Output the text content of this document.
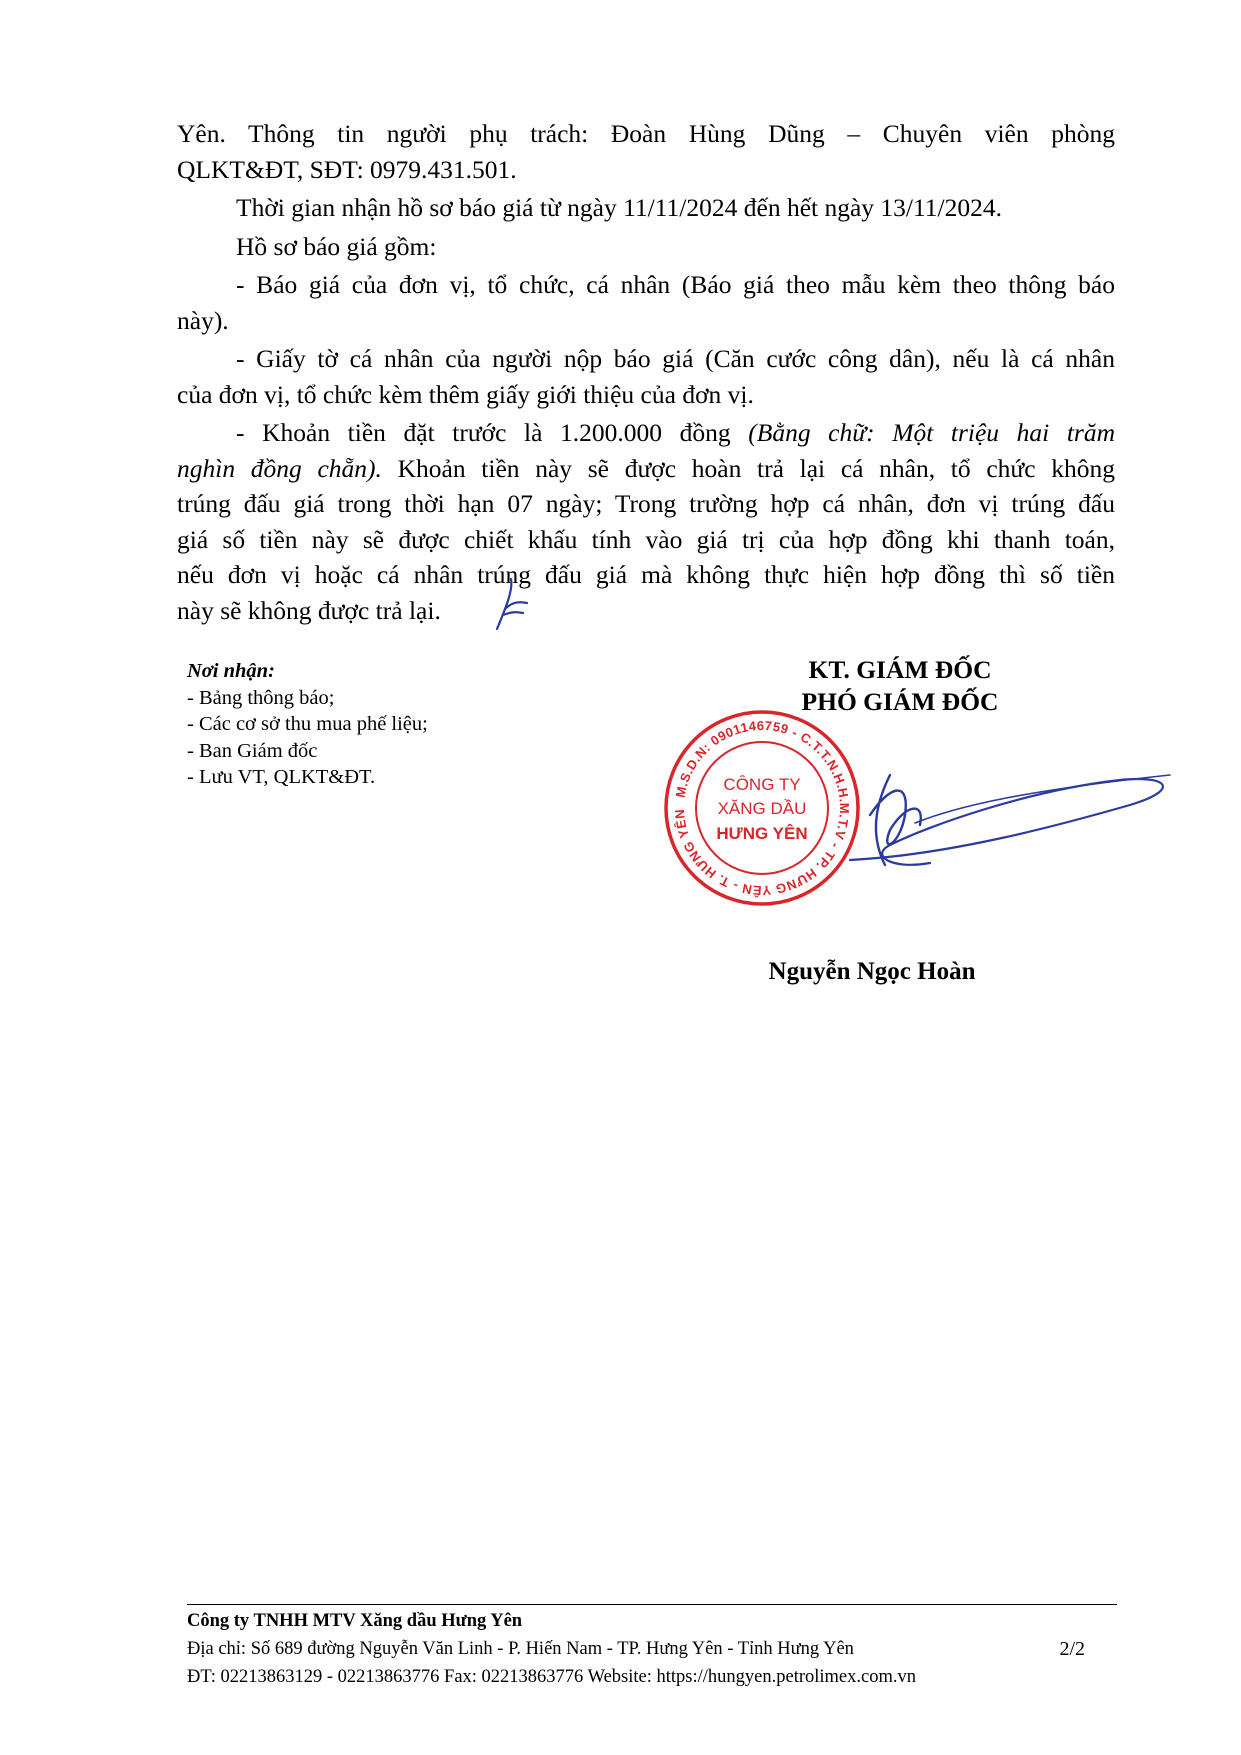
Yên. Thông tin người phụ trách: Đoàn Hùng Dũng – Chuyên viên phòng
QLKT&ĐT, SĐT: 0979.431.501.
Thời gian nhận hồ sơ báo giá từ ngày 11/11/2024 đến hết ngày 13/11/2024.
Hồ sơ báo giá gồm:
- Báo giá của đơn vị, tổ chức, cá nhân (Báo giá theo mẫu kèm theo thông báo
này).
- Giấy tờ cá nhân của người nộp báo giá (Căn cước công dân), nếu là cá nhân
của đơn vị, tổ chức kèm thêm giấy giới thiệu của đơn vị.
- Khoản tiền đặt trước là 1.200.000 đồng (Bằng chữ: Một triệu hai trăm
nghìn đồng chẵn). Khoản tiền này sẽ được hoàn trả lại cá nhân, tổ chức không
trúng đấu giá trong thời hạn 07 ngày; Trong trường hợp cá nhân, đơn vị trúng đấu
giá số tiền này sẽ được chiết khấu tính vào giá trị của hợp đồng khi thanh toán,
nếu đơn vị hoặc cá nhân trúng đấu giá mà không thực hiện hợp đồng thì số tiền
này sẽ không được trả lại.
Nơi nhận:
- Bảng thông báo;
- Các cơ sở thu mua phế liệu;
- Ban Giám đốc
- Lưu VT, QLKT&ĐT.
KT. GIÁM ĐỐC
PHÓ GIÁM ĐỐC
M.S.D.N: 0901146759 - C.T.T.N.H.H.M.T.V - TP. HƯNG YÊN - T. HƯNG YÊN
CÔNG TY
XĂNG DẦU
HƯNG YÊN
Nguyễn Ngọc Hoàn
Công ty TNHH MTV Xăng dầu Hưng Yên
Địa chỉ: Số 689 đường Nguyễn Văn Linh - P. Hiến Nam - TP. Hưng Yên - Tỉnh Hưng Yên
ĐT: 02213863129 - 02213863776 Fax: 02213863776 Website: https://hungyen.petrolimex.com.vn
2/2
